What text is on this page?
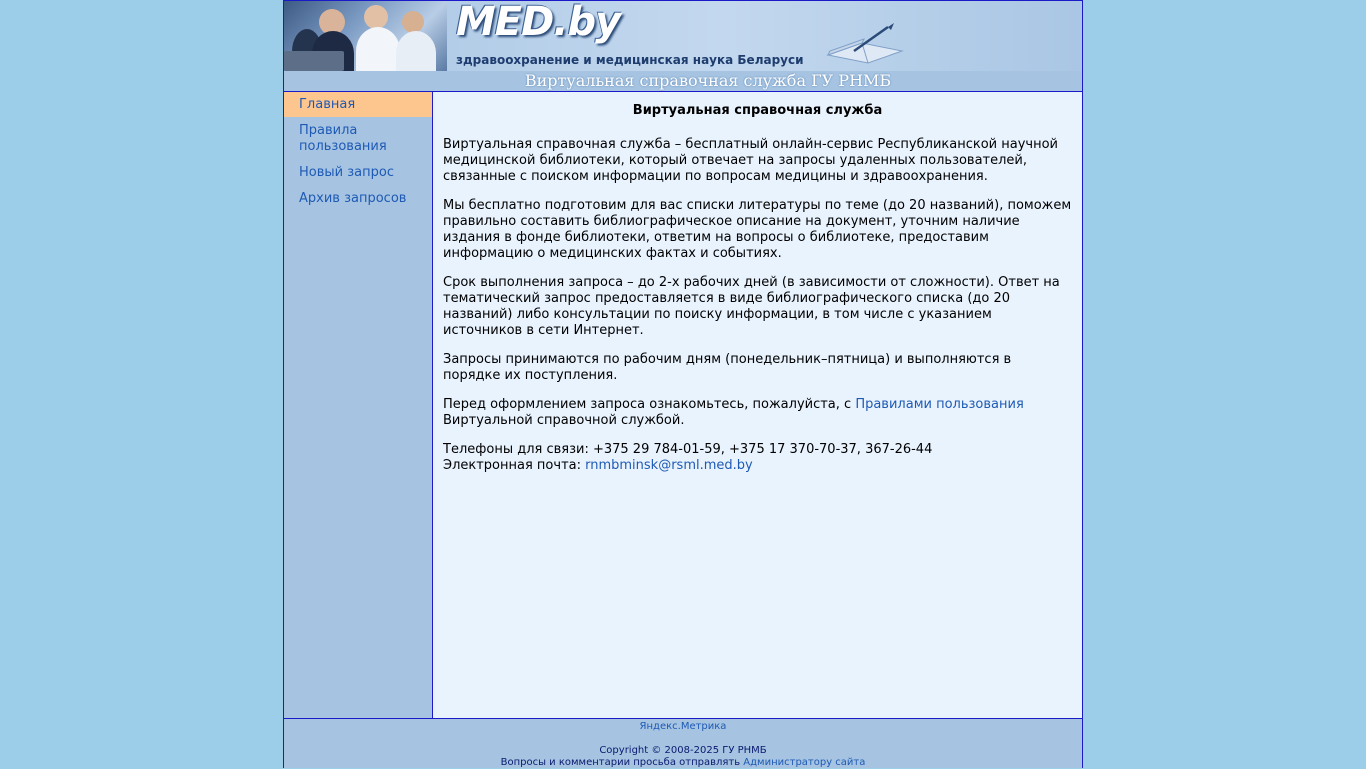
MED.by
здравоохранение и медицинская наука Беларуси
Виртуальная справочная служба ГУ РНМБ
Главная
Правила пользования
Новый запрос
Архив запросов
Виртуальная справочная служба

Виртуальная справочная служба – бесплатный онлайн-сервис Республиканской научной медицинской библиотеки, который отвечает на запросы удаленных пользователей, связанные с поиском информации по вопросам медицины и здравоохранения.

Мы бесплатно подготовим для вас списки литературы по теме (до 20 названий), поможем правильно составить библиографическое описание на документ, уточним наличие издания в фонде библиотеки, ответим на вопросы о библиотеке, предоставим информацию о медицинских фактах и событиях.

Срок выполнения запроса – до 2-х рабочих дней (в зависимости от сложности). Ответ на тематический запрос предоставляется в виде библиографического списка (до 20 названий) либо консультации по поиску информации, в том числе с указанием источников в сети Интернет.

Запросы принимаются по рабочим дням (понедельник–пятница) и выполняются в порядке их поступления.

Перед оформлением запроса ознакомьтесь, пожалуйста, с Правилами пользования Виртуальной справочной службой.

Телефоны для связи: +375 29 784-01-59, +375 17 370-70-37, 367-26-44
Электронная почта: rnmbminsk@rsml.med.by

Яндекс.Метрика
Copyright © 2008-2025 ГУ РНМБ
Вопросы и комментарии просьба отправлять Администратору сайта
